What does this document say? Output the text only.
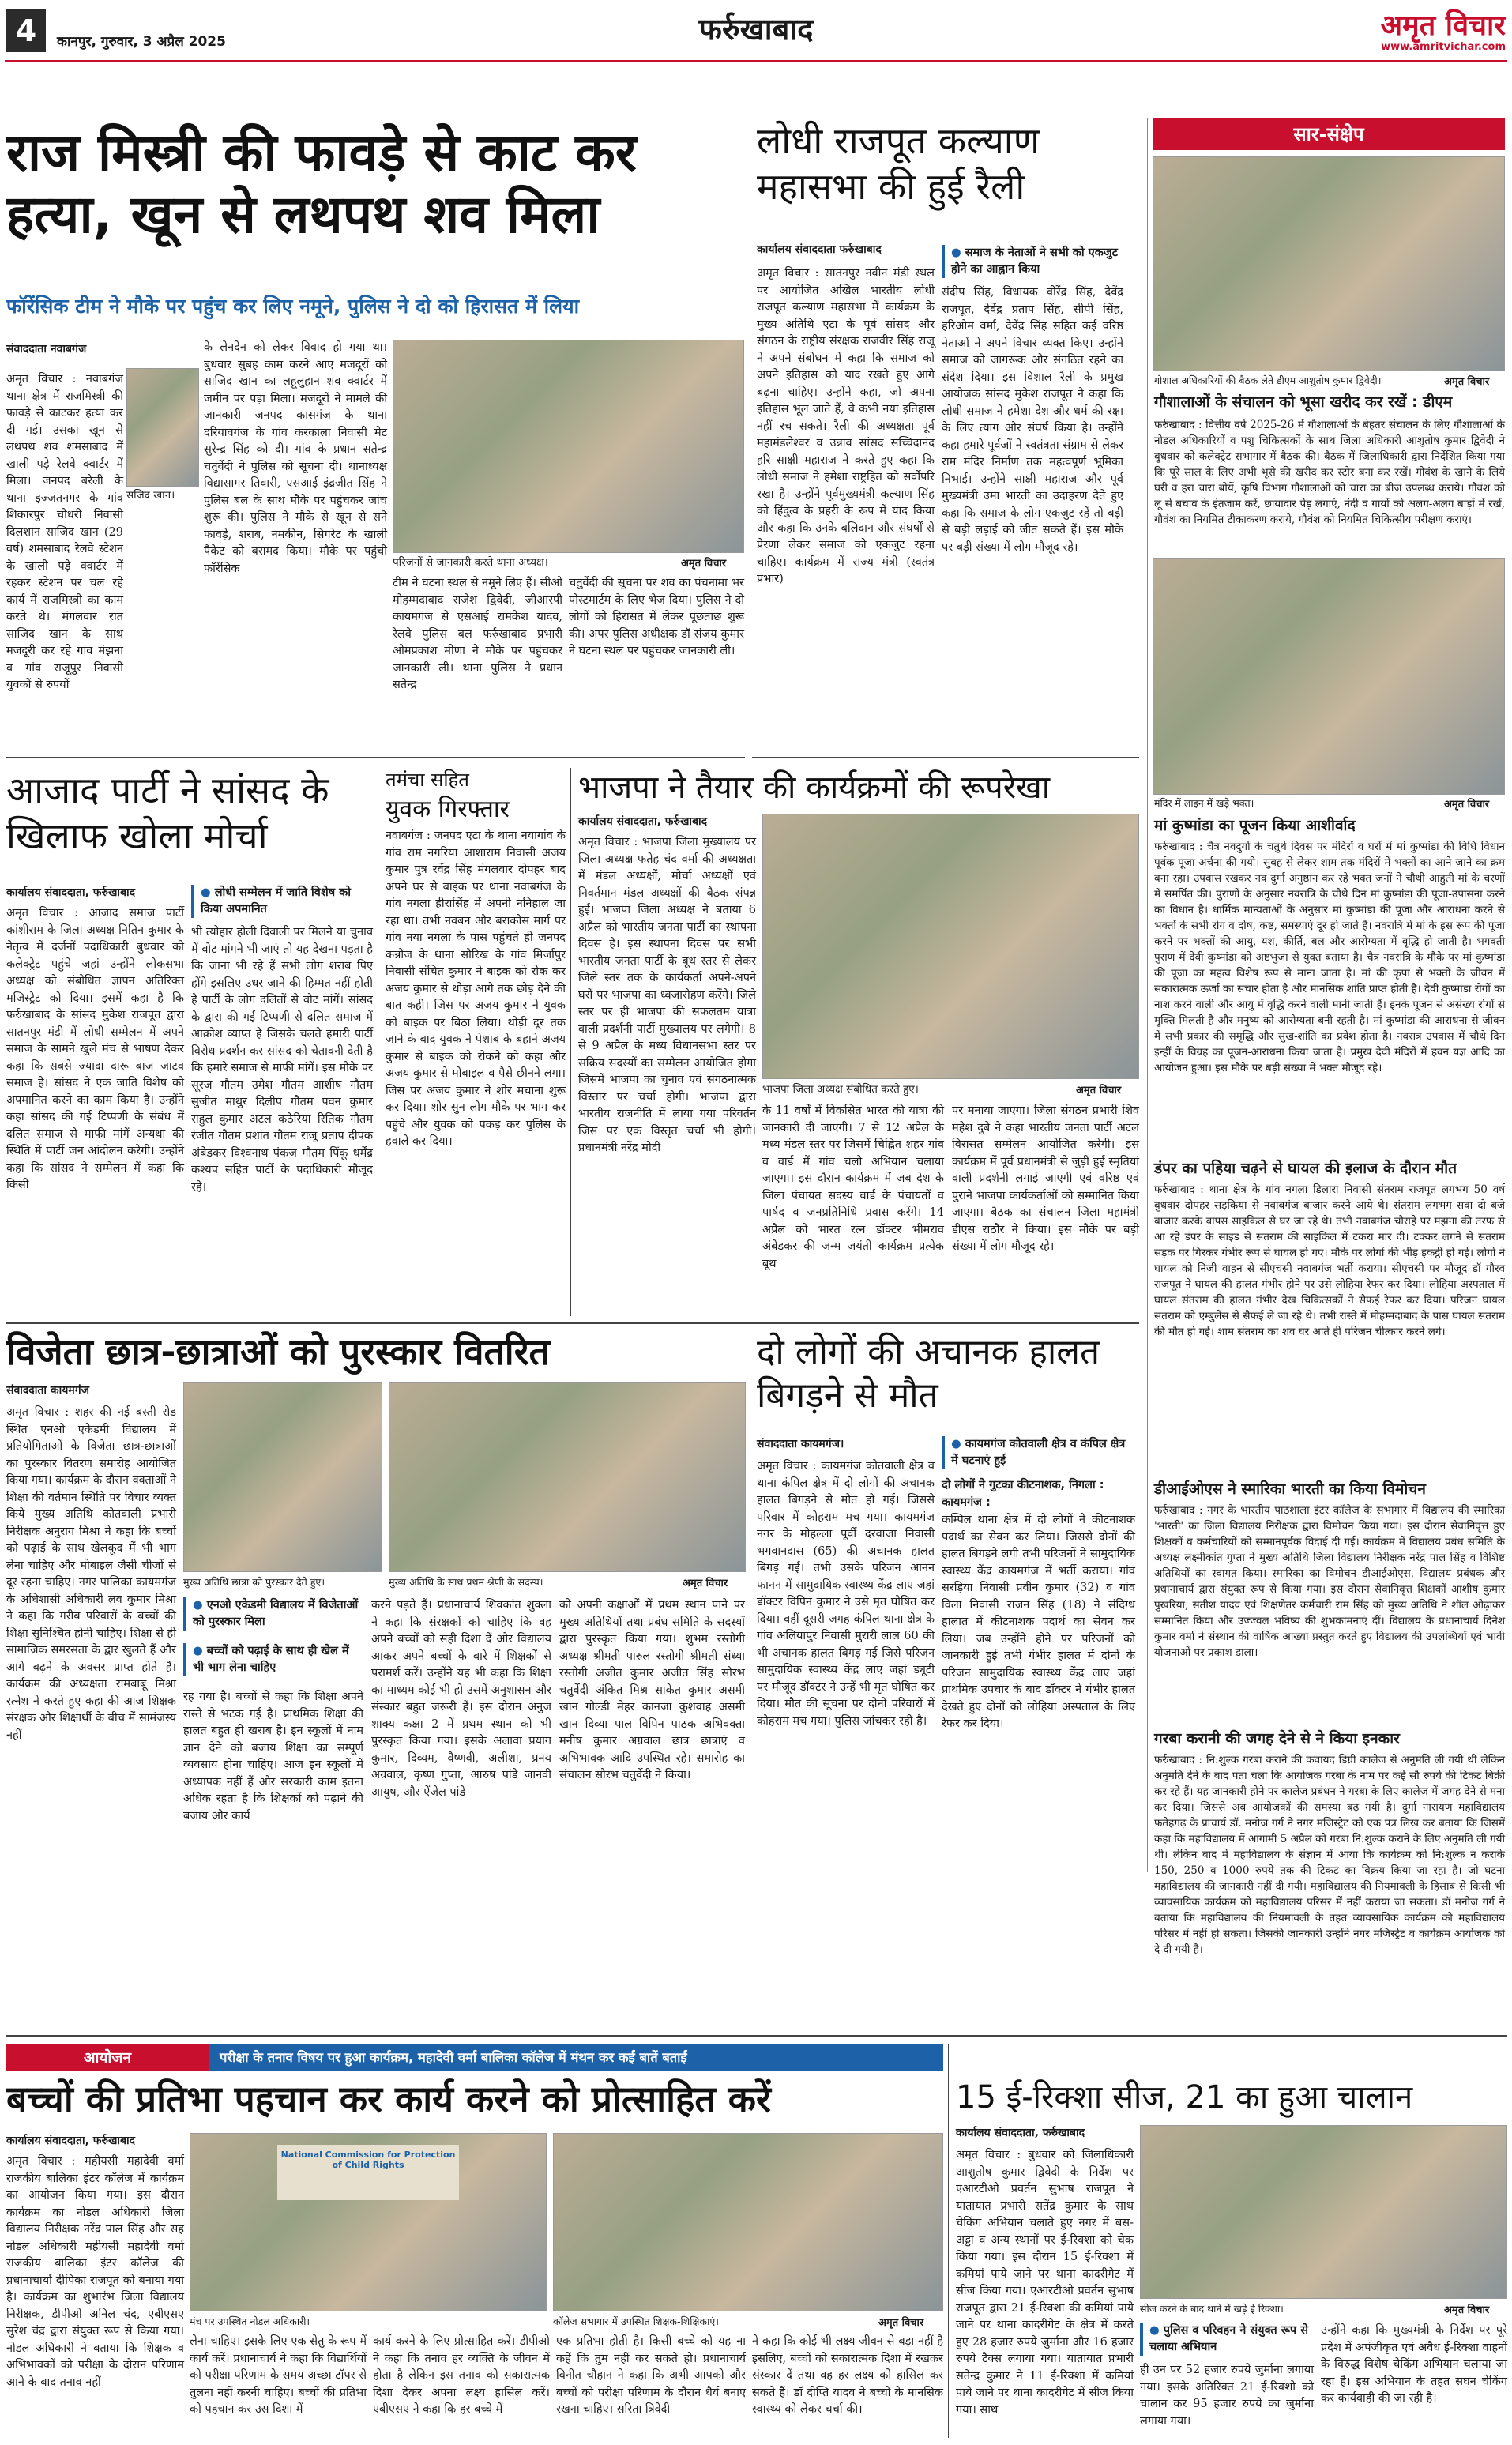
4	कानपुर, गुरुवार, 3 अप्रैल 2025	फर्रुखाबाद	अमृत विचार
www.amritvichar.com
राज मिस्त्री की फावड़े से काट कर हत्या, खून से लथपथ शव मिला
फॉरेंसिक टीम ने मौके पर पहुंच कर लिए नमूने, पुलिस ने दो को हिरासत में लिया
संवाददाता नवाबगंज
सजिद खान।
अमृत विचार : नवाबगंज थाना क्षेत्र में राजमिस्त्री की फावड़े से काटकर हत्या कर दी गई। उसका खून से लथपथ शव शमसाबाद में खाली पड़े रेलवे क्वार्टर में मिला। जनपद बरेली के थाना इज्जतनगर के गांव शिकारपुर चौधरी निवासी दिलशान साजिद खान (29 वर्ष) शमसाबाद रेलवे स्टेशन के खाली पड़े क्वार्टर में रहकर स्टेशन पर चल रहे कार्य में राजमिस्त्री का काम करते थे। मंगलवार रात साजिद खान के साथ मजदूरी कर रहे गांव मंझना व गांव राजूपुर निवासी युवकों से रुपयों
के लेनदेन को लेकर विवाद हो गया था। बुधवार सुबह काम करने आए मजदूरों को साजिद खान का लहूलुहान शव क्वार्टर में जमीन पर पड़ा मिला। मजदूरों ने मामले की जानकारी जनपद कासगंज के थाना दरियावगंज के गांव करकाला निवासी मेट सुरेन्द्र सिंह को दी। गांव के प्रधान सतेन्द्र चतुर्वेदी ने पुलिस को सूचना दी। थानाध्यक्ष विद्यासागर तिवारी, एसआई इंद्रजीत सिंह ने पुलिस बल के साथ मौके पर पहुंचकर जांच शुरू की। पुलिस ने मौके से खून से सने फावड़े, शराब, नमकीन, सिगरेट के खाली पैकेट को बरामद किया। मौके पर पहुंची फॉरेंसिक	परिजनों से जानकारी करते थाना अध्यक्ष।	अमृत विचार
टीम ने घटना स्थल से नमूने लिए हैं। सीओ मोहम्मदाबाद राजेश द्विवेदी, जीआरपी कायमगंज से एसआई रामकेश यादव, रेलवे पुलिस बल फर्रुखाबाद प्रभारी ओमप्रकाश मीणा ने मौके पर पहुंचकर जानकारी ली। थाना पुलिस ने प्रधान सतेन्द्र
चतुर्वेदी की सूचना पर शव का पंचनामा भर पोस्टमार्टम के लिए भेज दिया। पुलिस ने दो लोगों को हिरासत में लेकर पूछताछ शुरू की। अपर पुलिस अधीक्षक डॉ संजय कुमार ने घटना स्थल पर पहुंचकर जानकारी ली।
लोधी राजपूत कल्याण महासभा की हुई रैली
कार्यालय संवाददाता फर्रुखाबाद
अमृत विचार : सातनपुर नवीन मंडी स्थल पर आयोजित अखिल भारतीय लोधी राजपूत कल्याण महासभा में कार्यक्रम के मुख्य अतिथि एटा के पूर्व सांसद और संगठन के राष्ट्रीय संरक्षक राजवीर सिंह राजू ने अपने संबोधन में कहा कि समाज को अपने इतिहास को याद रखते हुए आगे बढ़ना चाहिए। उन्होंने कहा, जो अपना इतिहास भूल जाते हैं, वे कभी नया इतिहास नहीं रच सकते। रैली की अध्यक्षता पूर्व महामंडलेश्वर व उन्नाव सांसद सच्चिदानंद हरि साक्षी महाराज ने करते हुए कहा कि लोधी समाज ने हमेशा राष्ट्रहित को सर्वोपरि रखा है। उन्होंने पूर्वमुख्यमंत्री कल्याण सिंह को हिंदुत्व के प्रहरी के रूप में याद किया और कहा कि उनके बलिदान और संघर्षों से प्रेरणा लेकर समाज को एकजुट रहना चाहिए। कार्यक्रम में राज्य मंत्री (स्वतंत्र प्रभार)
● समाज के नेताओं ने सभी को एकजुट होने का आह्वान किया
संदीप सिंह, विधायक वीरेंद्र सिंह, देवेंद्र राजपूत, देवेंद्र प्रताप सिंह, सीपी सिंह, हरिओम वर्मा, देवेंद्र सिंह सहित कई वरिष्ठ नेताओं ने अपने विचार व्यक्त किए। उन्होंने समाज को जागरूक और संगठित रहने का संदेश दिया। इस विशाल रैली के प्रमुख आयोजक सांसद मुकेश राजपूत ने कहा कि लोधी समाज ने हमेशा देश और धर्म की रक्षा के लिए त्याग और संघर्ष किया है। उन्होंने कहा हमारे पूर्वजों ने स्वतंत्रता संग्राम से लेकर राम मंदिर निर्माण तक महत्वपूर्ण भूमिका निभाई। उन्होंने साक्षी महाराज और पूर्व मुख्यमंत्री उमा भारती का उदाहरण देते हुए कहा कि समाज के लोग एकजुट रहें तो बड़ी से बड़ी लड़ाई को जीत सकते हैं। इस मौके पर बड़ी संख्या में लोग मौजूद रहे।
सार-संक्षेप
गोशाल अधिकारियों की बैठक लेते डीएम आशुतोष कुमार द्विवेदी।	अमृत विचार
गौशालाओं के संचालन को भूसा खरीद कर रखें : डीएम
फर्रुखाबाद : वित्तीय वर्ष 2025-26 में गौशालाओं के बेहतर संचालन के लिए गौशालाओं के नोडल अधिकारियों व पशु चिकित्सकों के साथ जिला अधिकारी आशुतोष कुमार द्विवेदी ने बुधवार को कलेक्ट्रेट सभागार में बैठक की। बैठक में जिलाधिकारी द्वारा निर्देशित किया गया कि पूरे साल के लिए अभी भूसे की खरीद कर स्टोर बना कर रखें। गोवंश के खाने के लिये घरी व हरा चारा बोयें, कृषि विभाग गौशालाओं को चारा का बीज उपलब्ध कराये। गौवंश को लू से बचाव के इंतजाम करें, छायादार पेड़ लगाएं, नंदी व गायों को अलग-अलग बाड़ों में रखें, गौवंश का नियमित टीकाकरण कराये, गौवंश को नियमित चिकित्सीय परीक्षण कराएं।
मंदिर में लाइन में खड़े भक्त।	अमृत विचार
मां कुष्मांडा का पूजन किया आशीर्वाद
फर्रुखाबाद : चैत्र नवदुर्गा के चतुर्थ दिवस पर मंदिरों व घरों में मां कुष्मांडा की विधि विधान पूर्वक पूजा अर्चना की गयी। सुबह से लेकर शाम तक मंदिरों में भक्तों का आने जाने का क्रम बना रहा। उपवास रखकर नव दुर्गा अनुष्ठान कर रहे भक्त जनों ने चौथी आहुती मां के चरणों में समर्पित की। पुराणों के अनुसार नवरात्रि के चौथे दिन मां कुष्मांडा की पूजा-उपासना करने का विधान है। धार्मिक मान्यताओं के अनुसार मां कुष्मांडा की पूजा और आराधना करने से भक्तों के सभी रोग व दोष, कष्ट, समस्याएं दूर हो जाते हैं। नवरात्रि में मां के इस रूप की पूजा करने पर भक्तों की आयु, यश, कीर्ति, बल और आरोग्यता में वृद्धि हो जाती है। भगवती पुराण में देवी कुष्मांडा को अष्टभुजा से युक्त बताया है। चैत्र नवरात्रि के मौके पर मां कुष्मांडा की पूजा का महत्व विशेष रूप से माना जाता है। मां की कृपा से भक्तों के जीवन में सकारात्मक ऊर्जा का संचार होता है और मानसिक शांति प्राप्त होती है। देवी कुष्मांडा रोगों का नाश करने वाली और आयु में वृद्धि करने वाली मानी जाती हैं। इनके पूजन से असंख्य रोगों से मुक्ति मिलती है और मनुष्य को आरोग्यता बनी रहती है। मां कुष्मांडा की आराधना से जीवन में सभी प्रकार की समृद्धि और सुख-शांति का प्रवेश होता है। नवरात्र उपवास में चौथे दिन इन्हीं के विग्रह का पूजन-आराधना किया जाता है। प्रमुख देवी मंदिरों में हवन यज्ञ आदि का आयोजन हुआ। इस मौके पर बड़ी संख्या में भक्त मौजूद रहे।
डंपर का पहिया चढ़ने से घायल की इलाज के दौरान मौत
फर्रुखाबाद : थाना क्षेत्र के गांव नगला डिलारा निवासी संतराम राजपूत लगभग 50 वर्ष बुधवार दोपहर सड़किया से नवाबगंज बाजार करने आये थे। संतराम लगभग सवा दो बजे बाजार करके वापस साइकिल से घर जा रहे थे। तभी नवाबगंज चौराहे पर मझना की तरफ से आ रहे डंपर के साइड से संतराम की साइकिल में टकरा मार दी। टक्कर लगने से संतराम सड़क पर गिरकर गंभीर रूप से घायल हो गए। मौके पर लोगों की भीड़ इकट्ठी हो गई। लोगों ने घायल को निजी वाहन से सीएचसी नवाबगंज भर्ती कराया। सीएचसी पर मौजूद डॉ गौरव राजपूत ने घायल की हालत गंभीर होने पर उसे लोहिया रेफर कर दिया। लोहिया अस्पताल में घायल संतराम की हालत गंभीर देख चिकित्सकों ने सैफई रेफर कर दिया। परिजन घायल संतराम को एम्बुलेंस से सैफई ले जा रहे थे। तभी रास्ते में मोहम्मदाबाद के पास घायल संतराम की मौत हो गई। शाम संतराम का शव घर आते ही परिजन चीत्कार करने लगे।
डीआईओएस ने स्मारिका भारती का किया विमोचन
फर्रुखाबाद : नगर के भारतीय पाठशाला इंटर कॉलेज के सभागार में विद्यालय की स्मारिका 'भारती' का जिला विद्यालय निरीक्षक द्वारा विमोचन किया गया। इस दौरान सेवानिवृत्त हुए शिक्षकों व कर्मचारियों को सम्मानपूर्वक विदाई दी गई। कार्यक्रम में विद्यालय प्रबंध समिति के अध्यक्ष लक्ष्मीकांत गुप्ता ने मुख्य अतिथि जिला विद्यालय निरीक्षक नरेंद्र पाल सिंह व विशिष्ट अतिथियों का स्वागत किया। स्मारिका का विमोचन डीआईओएस, विद्यालय प्रबंधक और प्रधानाचार्य द्वारा संयुक्त रूप से किया गया। इस दौरान सेवानिवृत्त शिक्षकों आशीष कुमार पुखरिया, सतीश यादव एवं शिक्षणेतर कर्मचारी राम सिंह को मुख्य अतिथि ने शॉल ओढ़ाकर सम्मानित किया और उज्ज्वल भविष्य की शुभकामनाएं दीं। विद्यालय के प्रधानाचार्य दिनेश कुमार वर्मा ने संस्थान की वार्षिक आख्या प्रस्तुत करते हुए विद्यालय की उपलब्धियों एवं भावी योजनाओं पर प्रकाश डाला।
गरबा करानी की जगह देने से ने किया इनकार
फर्रुखाबाद : नि:शुल्क गरबा कराने की कवायद डिग्री कालेज से अनुमति ली गयी थी लेकिन अनुमति देने के बाद पता चला कि आयोजक गरबा के नाम पर कई सौ रुपये की टिकट बिक्री कर रहे हैं। यह जानकारी होने पर कालेज प्रबंधन ने गरबा के लिए कालेज में जगह देने से मना कर दिया। जिससे अब आयोजकों की समस्या बढ़ गयी है। दुर्गा नारायण महाविद्यालय फतेहगढ़ के प्राचार्य डॉ. मनोज गर्ग ने नगर मजिस्ट्रेट को एक पत्र लिख कर बताया कि जिसमें कहा कि महाविद्यालय में आगामी 5 अप्रैल को गरबा नि:शुल्क कराने के लिए अनुमति ली गयी थी। लेकिन बाद में महाविद्यालय के संज्ञान में आया कि कार्यक्रम को नि:शुल्क न कराके 150, 250 व 1000 रुपये तक की टिकट का विक्रय किया जा रहा है। जो घटना महाविद्यालय की जानकारी नहीं दी गयी। महाविद्यालय की नियमावली के हिसाब से किसी भी व्यावसायिक कार्यक्रम को महाविद्यालय परिसर में नहीं कराया जा सकता। डॉ मनोज गर्ग ने बताया कि महाविद्यालय की नियमावली के तहत व्यावसायिक कार्यक्रम को महाविद्यालय परिसर में नहीं हो सकता। जिसकी जानकारी उन्होंने नगर मजिस्ट्रेट व कार्यक्रम आयोजक को दे दी गयी है।
आजाद पार्टी ने सांसद के खिलाफ खोला मोर्चा
कार्यालय संवाददाता, फर्रुखाबाद
अमृत विचार : आजाद समाज पार्टी कांशीराम के जिला अध्यक्ष नितिन कुमार के नेतृत्व में दर्जनों पदाधिकारी बुधवार को कलेक्ट्रेट पहुंचे जहां उन्होंने लोकसभा अध्यक्ष को संबोधित ज्ञापन अतिरिक्त मजिस्ट्रेट को दिया। इसमें कहा है कि फर्रुखाबाद के सांसद मुकेश राजपूत द्वारा सातनपुर मंडी में लोधी सम्मेलन में अपने समाज के सामने खुले मंच से भाषण देकर कहा कि सबसे ज्यादा दारू बाज जाटव समाज है। सांसद ने एक जाति विशेष को अपमानित करने का काम किया है। उन्होंने कहा सांसद की गई टिप्पणी के संबंध में दलित समाज से माफी मांगें अन्यथा की स्थिति में पार्टी जन आंदोलन करेगी। उन्होंने कहा कि सांसद ने सम्मेलन में कहा कि किसी
● लोधी सम्मेलन में जाति विशेष को किया अपमानित
भी त्योहार होली दिवाली पर मिलने या चुनाव में वोट मांगने भी जाएं तो यह देखना पड़ता है कि जाना भी रहे हैं सभी लोग शराब पिए होंगे इसलिए उधर जाने की हिम्मत नहीं होती है पार्टी के लोग दलितों से वोट मांगें। सांसद के द्वारा की गई टिप्पणी से दलित समाज में आक्रोश व्याप्त है जिसके चलते हमारी पार्टी विरोध प्रदर्शन कर सांसद को चेतावनी देती है कि हमारे समाज से माफी मांगें। इस मौके पर सूरज गौतम उमेश गौतम आशीष गौतम सुजीत माथुर दिलीप गौतम पवन कुमार राहुल कुमार अटल कठेरिया रितिक गौतम रंजीत गौतम प्रशांत गौतम राजू प्रताप दीपक अंबेडकर विश्वनाथ पंकज गौतम पिंकू धर्मेंद्र कश्यप सहित पार्टी के पदाधिकारी मौजूद रहे।
तमंचा सहित
युवक गिरफ्तार
नवाबगंज : जनपद एटा के थाना नयागांव के गांव राम नगरिया आशाराम निवासी अजय कुमार पुत्र रवेंद्र सिंह मंगलवार दोपहर बाद अपने घर से बाइक पर थाना नवाबगंज के गांव नगला हीरासिंह में अपनी ननिहाल जा रहा था। तभी नवबन और बराकोस मार्ग पर गांव नया नगला के पास पहुंचते ही जनपद कन्नौज के थाना सौरिख के गांव मिर्जापुर निवासी संचित कुमार ने बाइक को रोक कर अजय कुमार से थोड़ा आगे तक छोड़ देने की बात कही। जिस पर अजय कुमार ने युवक को बाइक पर बिठा लिया। थोड़ी दूर तक जाने के बाद युवक ने पेशाब के बहाने अजय कुमार से बाइक को रोकने को कहा और अजय कुमार से मोबाइल व पैसे छीनने लगा। जिस पर अजय कुमार ने शोर मचाना शुरू कर दिया। शोर सुन लोग मौके पर भाग कर पहुंचे और युवक को पकड़ कर पुलिस के हवाले कर दिया।
भाजपा ने तैयार की कार्यक्रमों की रूपरेखा
कार्यालय संवाददाता, फर्रुखाबाद
अमृत विचार : भाजपा जिला मुख्यालय पर जिला अध्यक्ष फतेह चंद वर्मा की अध्यक्षता में मंडल अध्यक्षों, मोर्चा अध्यक्षों एवं निवर्तमान मंडल अध्यक्षों की बैठक संपन्न हुई। भाजपा जिला अध्यक्ष ने बताया 6 अप्रैल को भारतीय जनता पार्टी का स्थापना दिवस है। इस स्थापना दिवस पर सभी भारतीय जनता पार्टी के बूथ स्तर से लेकर जिले स्तर तक के कार्यकर्ता अपने-अपने घरों पर भाजपा का ध्वजारोहण करेंगे। जिले स्तर पर ही भाजपा की सफलतम यात्रा वाली प्रदर्शनी पार्टी मुख्यालय पर लगेगी। 8 से 9 अप्रैल के मध्य विधानसभा स्तर पर सक्रिय सदस्यों का सम्मेलन आयोजित होगा जिसमें भाजपा का चुनाव एवं संगठनात्मक विस्तार पर चर्चा होगी। भाजपा द्वारा भारतीय राजनीति में लाया गया परिवर्तन जिस पर एक विस्तृत चर्चा भी होगी। प्रधानमंत्री नरेंद्र मोदी
भाजपा जिला अध्यक्ष संबोधित करते हुए।	अमृत विचार
के 11 वर्षों में विकसित भारत की यात्रा की जानकारी दी जाएगी। 7 से 12 अप्रैल के मध्य मंडल स्तर पर जिसमें चिह्नित शहर गांव व वार्ड में गांव चलो अभियान चलाया जाएगा। इस दौरान कार्यक्रम में जब देश के जिला पंचायत सदस्य वार्ड के पंचायतों व पार्षद व जनप्रतिनिधि प्रवास करेंगे। 14 अप्रैल को भारत रत्न डॉक्टर भीमराव अंबेडकर की जन्म जयंती कार्यक्रम प्रत्येक बूथ
पर मनाया जाएगा। जिला संगठन प्रभारी शिव महेश दुबे ने कहा भारतीय जनता पार्टी अटल विरासत सम्मेलन आयोजित करेगी। इस कार्यक्रम में पूर्व प्रधानमंत्री से जुड़ी हुई स्मृतियां वाली प्रदर्शनी लगाई जाएगी एवं वरिष्ठ एवं पुराने भाजपा कार्यकर्ताओं को सम्मानित किया जाएगा। बैठक का संचालन जिला महामंत्री डीएस राठौर ने किया। इस मौके पर बड़ी संख्या में लोग मौजूद रहे।
विजेता छात्र-छात्राओं को पुरस्कार वितरित
संवाददाता कायमगंज
अमृत विचार : शहर की नई बस्ती रोड स्थित एनओ एकेडमी विद्यालय में प्रतियोगिताओं के विजेता छात्र-छात्राओं का पुरस्कार वितरण समारोह आयोजित किया गया। कार्यक्रम के दौरान वक्ताओं ने शिक्षा की वर्तमान स्थिति पर विचार व्यक्त किये मुख्य अतिथि कोतवाली प्रभारी निरीक्षक अनुराग मिश्रा ने कहा कि बच्चों को पढ़ाई के साथ खेलकूद में भी भाग लेना चाहिए और मोबाइल जैसी चीजों से दूर रहना चाहिए। नगर पालिका कायमगंज के अधिशासी अधिकारी लव कुमार मिश्रा ने कहा कि गरीब परिवारों के बच्चों की शिक्षा सुनिश्चित होनी चाहिए। शिक्षा से ही सामाजिक समरसता के द्वार खुलते हैं और आगे बढ़ने के अवसर प्राप्त होते हैं। कार्यक्रम की अध्यक्षता रामबाबू मिश्रा रत्नेश ने करते हुए कहा की आज शिक्षक संरक्षक और शिक्षार्थी के बीच में सामंजस्य नहीं
मुख्य अतिथि छात्रा को पुरस्कार देते हुए।	मुख्य अतिथि के साथ प्रथम श्रेणी के सदस्य।	अमृत विचार
● एनओ एकेडमी विद्यालय में विजेताओं को पुरस्कार मिला
● बच्चों को पढ़ाई के साथ ही खेल में भी भाग लेना चाहिए
रह गया है। बच्चों से कहा कि शिक्षा अपने रास्ते से भटक गई है। प्राथमिक शिक्षा की हालत बहुत ही खराब है। इन स्कूलों में नाम ज्ञान देने को बजाय शिक्षा का सम्पूर्ण व्यवसाय होना चाहिए। आज इन स्कूलों में अध्यापक नहीं हैं और सरकारी काम इतना अधिक रहता है कि शिक्षकों को पढ़ाने की बजाय और कार्य
करने पड़ते हैं। प्रधानाचार्य शिवकांत शुक्ला ने कहा कि संरक्षकों को चाहिए कि वह अपने बच्चों को सही दिशा दें और विद्यालय आकर अपने बच्चों के बारे में शिक्षकों से परामर्श करें। उन्होंने यह भी कहा कि शिक्षा का माध्यम कोई भी हो उसमें अनुशासन और संस्कार बहुत जरूरी हैं। इस दौरान अनुज शाक्य कक्षा 2 में प्रथम स्थान को भी पुरस्कृत किया गया। इसके अलावा प्रयाग कुमार, दिव्यम, वैष्णवी, अलीशा, प्रनय अग्रवाल, कृष्ण गुप्ता, आरुष पांडे जानवी आयुष, और ऐंजेल पांडे
को अपनी कक्षाओं में प्रथम स्थान पाने पर मुख्य अतिथियों तथा प्रबंध समिति के सदस्यों द्वारा पुरस्कृत किया गया। शुभम रस्तोगी अध्यक्ष श्रीमती पारुल रस्तोगी श्रीमती संध्या रस्तोगी अजीत कुमार अजीत सिंह सौरभ चतुर्वेदी अंकित मिश्र साकेत कुमार असमी खान गोल्डी मेहर कानजा कुशवाह असमी खान दिव्या पाल विपिन पाठक अभिवक्ता मनीष कुमार अग्रवाल छात्र छात्राएं व अभिभावक आदि उपस्थित रहे। समारोह का संचालन सौरभ चतुर्वेदी ने किया।
दो लोगों की अचानक हालत बिगड़ने से मौत
संवाददाता कायमगंज।
अमृत विचार : कायमगंज कोतवाली क्षेत्र व थाना कंपिल क्षेत्र में दो लोगों की अचानक हालत बिगड़ने से मौत हो गई। जिससे परिवार में कोहराम मच गया। कायमगंज नगर के मोहल्ला पूर्वी दरवाजा निवासी भगवानदास (65) की अचानक हालत बिगड़ गई। तभी उसके परिजन आनन फानन में सामुदायिक स्वास्थ्य केंद्र लाए जहां डॉक्टर विपिन कुमार ने उसे मृत घोषित कर दिया। वहीं दूसरी जगह कंपिल थाना क्षेत्र के गांव अलियापुर निवासी मुरारी लाल 60 की भी अचानक हालत बिगड़ गई जिसे परिजन सामुदायिक स्वास्थ्य केंद्र लाए जहां ड्यूटी पर मौजूद डॉक्टर ने उन्हें भी मृत घोषित कर दिया। मौत की सूचना पर दोनों परिवारों में कोहराम मच गया। पुलिस जांचकर रही है।
● कायमगंज कोतवाली क्षेत्र व कंपिल क्षेत्र में घटनाएं हुई
दो लोगों ने गुटका कीटनाशक, निगला : कायमगंज :
कम्पिल थाना क्षेत्र में दो लोगों ने कीटनाशक पदार्थ का सेवन कर लिया। जिससे दोनों की हालत बिगड़ने लगी तभी परिजनों ने सामुदायिक स्वास्थ्य केंद्र कायमगंज में भर्ती कराया। गांव सरड़िया निवासी प्रवीन कुमार (32) व गांव विला निवासी राजन सिंह (18) ने संदिग्ध हालात में कीटनाशक पदार्थ का सेवन कर लिया। जब उन्होंने होने पर परिजनों को जानकारी हुई तभी गंभीर हालत में दोनों के परिजन सामुदायिक स्वास्थ्य केंद्र लाए जहां प्राथमिक उपचार के बाद डॉक्टर ने गंभीर हालत देखते हुए दोनों को लोहिया अस्पताल के लिए रेफर कर दिया।
आयोजन	परीक्षा के तनाव विषय पर हुआ कार्यक्रम, महादेवी वर्मा बालिका कॉलेज में मंथन कर कई बातें बताईं
बच्चों की प्रतिभा पहचान कर कार्य करने को प्रोत्साहित करें
कार्यालय संवाददाता, फर्रुखाबाद
अमृत विचार : महीयसी महादेवी वर्मा राजकीय बालिका इंटर कॉलेज में कार्यक्रम का आयोजन किया गया। इस दौरान कार्यक्रम का नोडल अधिकारी जिला विद्यालय निरीक्षक नरेंद्र पाल सिंह और सह नोडल अधिकारी महीयसी महादेवी वर्मा राजकीय बालिका इंटर कॉलेज की प्रधानाचार्या दीपिका राजपूत को बनाया गया है। कार्यक्रम का शुभारंभ जिला विद्यालय निरीक्षक, डीपीओ अनिल चंद, एबीएसए सुरेश चंद्र द्वारा संयुक्त रूप से किया गया। नोडल अधिकारी ने बताया कि शिक्षक व अभिभावकों को परीक्षा के दौरान परिणाम आने के बाद तनाव नहीं
National Commission for Protection of Child Rights
मंच पर उपस्थित नोडल अधिकारी।	कॉलेज सभागार में उपस्थित शिक्षक-शिक्षिकाएं।	अमृत विचार
लेना चाहिए। इसके लिए एक सेतु के रूप में कार्य करें। प्रधानाचार्य ने कहा कि विद्यार्थियों को परीक्षा परिणाम के समय अच्छा टॉपर से तुलना नहीं करनी चाहिए। बच्चों की प्रतिभा को पहचान कर उस दिशा में
कार्य करने के लिए प्रोत्साहित करें। डीपीओ ने कहा कि तनाव हर व्यक्ति के जीवन में होता है लेकिन इस तनाव को सकारात्मक दिशा देकर अपना लक्ष्य हासिल करें। एबीएसए ने कहा कि हर बच्चे में
एक प्रतिभा होती है। किसी बच्चे को यह ना कहें कि तुम नहीं कर सकते हो। प्रधानाचार्य विनीत चौहान ने कहा कि अभी आपको और बच्चों को परीक्षा परिणाम के दौरान धैर्य बनाए रखना चाहिए। सरिता त्रिवेदी
ने कहा कि कोई भी लक्ष्य जीवन से बड़ा नहीं है इसलिए, बच्चों को सकारात्मक दिशा में रखकर संस्कार दें तथा वह हर लक्ष्य को हासिल कर सकते हैं। डॉ दीप्ति यादव ने बच्चों के मानसिक स्वास्थ्य को लेकर चर्चा की।
15 ई-रिक्शा सीज, 21 का हुआ चालान
कार्यालय संवाददाता, फर्रुखाबाद
अमृत विचार : बुधवार को जिलाधिकारी आशुतोष कुमार द्विवेदी के निर्देश पर एआरटीओ प्रवर्तन सुभाष राजपूत ने यातायात प्रभारी सतेंद्र कुमार के साथ चेकिंग अभियान चलाते हुए नगर में बस-अड्डा व अन्य स्थानों पर ई-रिक्शा को चेक किया गया। इस दौरान 15 ई-रिक्शा में कमियां पाये जाने पर थाना कादरीगेट में सीज किया गया। एआरटीओ प्रवर्तन सुभाष राजपूत द्वारा 21 ई-रिक्शा की कमियां पाये जाने पर थाना कादरीगेट के क्षेत्र में करते हुए 28 हजार रुपये जुर्माना और 16 हजार रुपये टैक्स लगाया गया। यातायात प्रभारी सतेन्द्र कुमार ने 11 ई-रिक्शा में कमियां पाये जाने पर थाना कादरीगेट में सीज किया गया। साथ
सीज करने के बाद थाने में खड़े ई रिक्शा।	अमृत विचार
● पुलिस व परिवहन ने संयुक्त रूप से चलाया अभियान
ही उन पर 52 हजार रुपये जुर्माना लगाया गया। इसके अतिरिक्त 21 ई-रिक्शो को चालान कर 95 हजार रुपये का जुर्माना लगाया गया।
उन्होंने कहा कि मुख्यमंत्री के निर्देश पर पूरे प्रदेश में अपंजीकृत एवं अवैध ई-रिक्शा वाहनों के विरुद्ध विशेष चेकिंग अभियान चलाया जा रहा है। इस अभियान के तहत सघन चेकिंग कर कार्यवाही की जा रही है।
